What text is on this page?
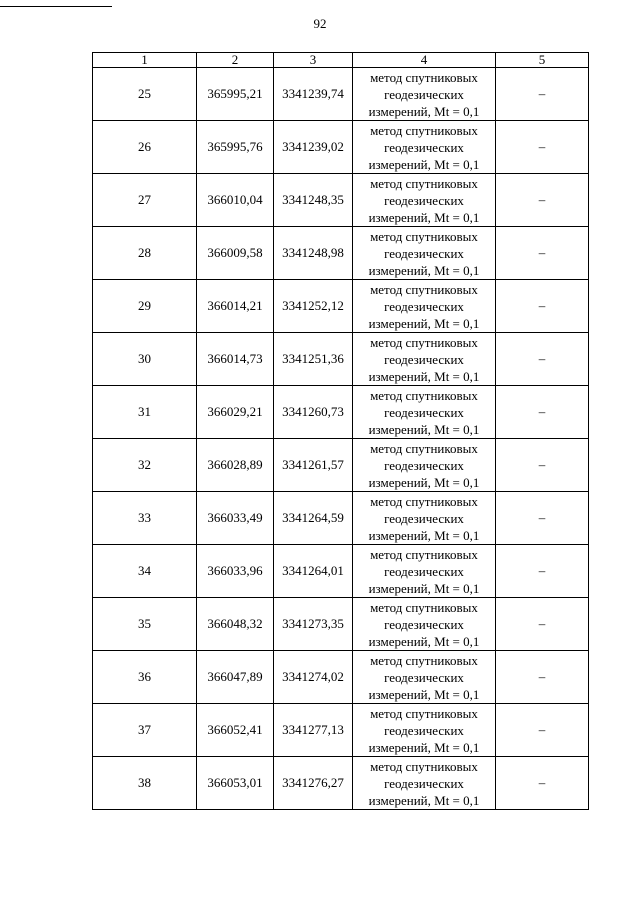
92
1	2	3	4	5
25	365995,21	3341239,74	метод спутниковых
геодезических
измерений, Mt = 0,1	–
26	365995,76	3341239,02	метод спутниковых
геодезических
измерений, Mt = 0,1	–
27	366010,04	3341248,35	метод спутниковых
геодезических
измерений, Mt = 0,1	–
28	366009,58	3341248,98	метод спутниковых
геодезических
измерений, Mt = 0,1	–
29	366014,21	3341252,12	метод спутниковых
геодезических
измерений, Mt = 0,1	–
30	366014,73	3341251,36	метод спутниковых
геодезических
измерений, Mt = 0,1	–
31	366029,21	3341260,73	метод спутниковых
геодезических
измерений, Mt = 0,1	–
32	366028,89	3341261,57	метод спутниковых
геодезических
измерений, Mt = 0,1	–
33	366033,49	3341264,59	метод спутниковых
геодезических
измерений, Mt = 0,1	–
34	366033,96	3341264,01	метод спутниковых
геодезических
измерений, Mt = 0,1	–
35	366048,32	3341273,35	метод спутниковых
геодезических
измерений, Mt = 0,1	–
36	366047,89	3341274,02	метод спутниковых
геодезических
измерений, Mt = 0,1	–
37	366052,41	3341277,13	метод спутниковых
геодезических
измерений, Mt = 0,1	–
38	366053,01	3341276,27	метод спутниковых
геодезических
измерений, Mt = 0,1	–
